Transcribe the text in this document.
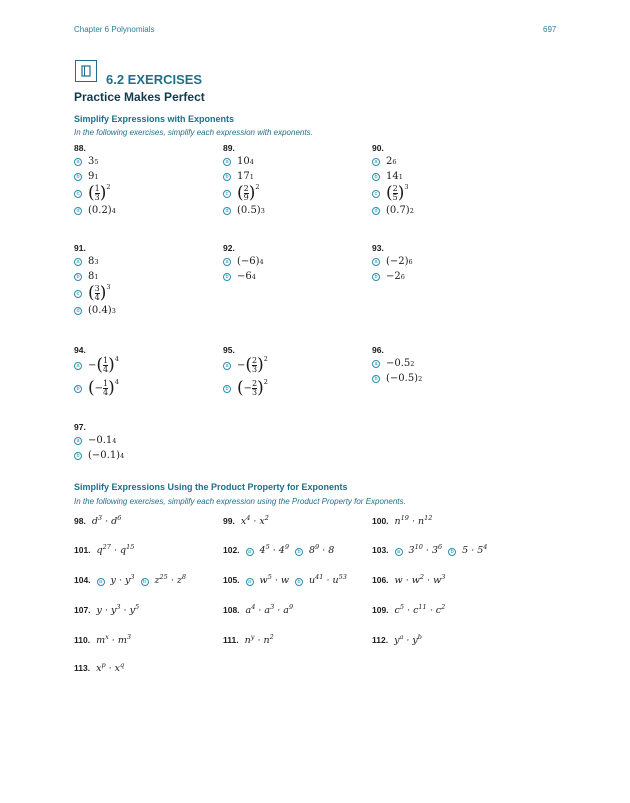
Chapter 6 Polynomials	697
6.2 EXERCISES
Practice Makes Perfect
Simplify Expressions with Exponents
In the following exercises, simplify each expression with exponents.
88.
a 3 5
b 9 1
c ( 1
3 ) 2
d (0.2) 4
89.
a 10 4
b 17 1
c ( 2
9 ) 2
d (0.5) 3
90.
a 2 6
b 14 1
c ( 2
5 ) 3
d (0.7) 2
91.
a 8 3
b 8 1
c ( 3
4 ) 3
d (0.4) 3
92.
a (−6) 4
b −6 4
93.
a (−2) 6
b −2 6
94.
a − ( 1
4 ) 4
b ( − 1
4 ) 4
95.
a − ( 2
3 ) 2
b ( − 2
3 ) 2
96.
a −0.5 2
b (−0.5) 2
97.
a −0.1 4
b (−0.1) 4
Simplify Expressions Using the Product Property for Exponents
In the following exercises, simplify each expression using the Product Property for Exponents.
98. $d^3 \cdot d^6$	99. $x^4 \cdot x^2$	100. $n^{19} \cdot n^{12}$
101. $q^{27} \cdot q^{15}$	102.	a $4^5 \cdot 4^9$
b $8^9 \cdot 8$	103.	a $3^{10} \cdot 3^6$
b $5 \cdot 5^4$
104.	a $y \cdot y^3$
b $z^{25} \cdot z^8$	105.	a $w^5 \cdot w$	b $u^{41} \cdot u^{53}$	106. $w \cdot w^2 \cdot w^3$
107. $y \cdot y^3 \cdot y^5$	108. $a^4 \cdot a^3 \cdot a^9$	109. $c^5 \cdot c^{11} \cdot c^2$
110. $m^x \cdot m^3$	111. $n^y \cdot n^2$	112. $y^a \cdot y^b$
113. $x^p \cdot x^q$
